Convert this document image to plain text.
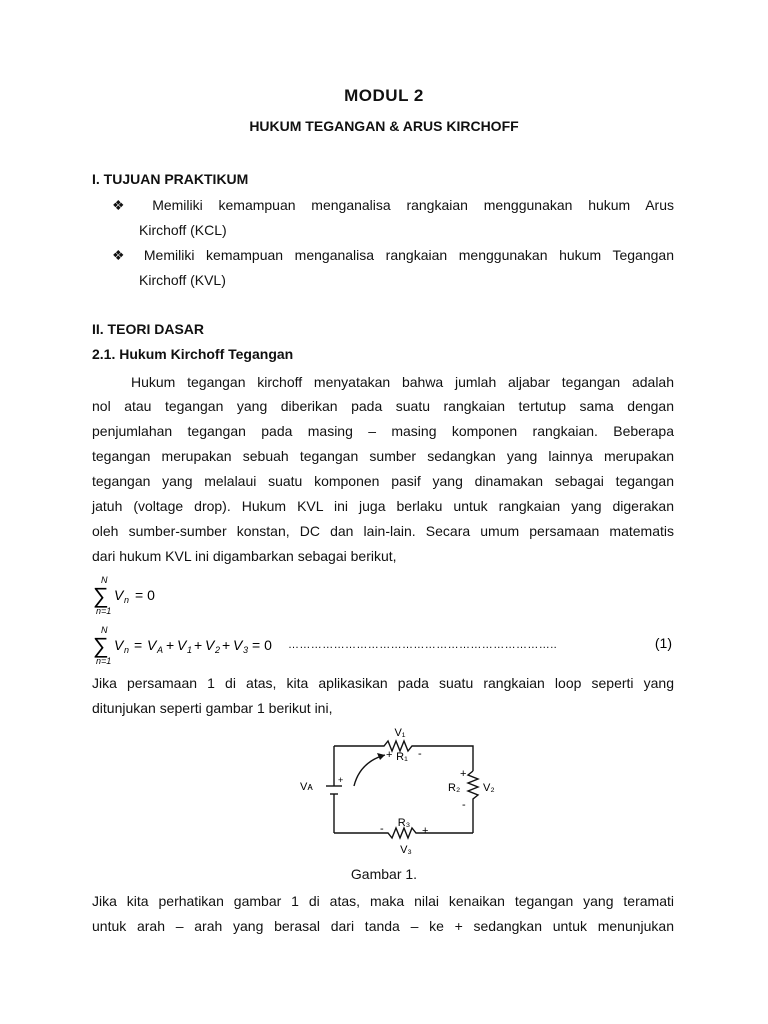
MODUL 2
HUKUM TEGANGAN & ARUS KIRCHOFF
I. TUJUAN PRAKTIKUM
❖ Memiliki kemampuan menganalisa rangkaian menggunakan hukum Arus
Kirchoff (KCL)
❖ Memiliki kemampuan menganalisa rangkaian menggunakan hukum Tegangan
Kirchoff (KVL)
II. TEORI DASAR
2.1. Hukum Kirchoff Tegangan
Hukum tegangan kirchoff menyatakan bahwa jumlah aljabar tegangan adalah
nol atau tegangan yang diberikan pada suatu rangkaian tertutup sama dengan
penjumlahan tegangan pada masing – masing komponen rangkaian. Beberapa
tegangan merupakan sebuah tegangan sumber sedangkan yang lainnya merupakan
tegangan yang melalaui suatu komponen pasif yang dinamakan sebagai tegangan
jatuh (voltage drop). Hukum KVL ini juga berlaku untuk rangkaian yang digerakan
oleh sumber-sumber konstan, DC dan lain-lain. Secara umum persamaan matematis
dari hukum KVL ini digambarkan sebagai berikut,
N
∑
n=1
V n = 0
N
∑
n=1
V n = V A + V 1 + V 2 + V 3 = 0 ……………………………………………………………..	(1)
Jika persamaan 1 di atas, kita aplikasikan pada suatu rangkaian loop seperti yang
ditunjukan seperti gambar 1 berikut ini,
V₁
+ R₁ -
Vᴀ
+	+
R₂ V₂
-
- R₃
+
V₃
Gambar 1.
Jika kita perhatikan gambar 1 di atas, maka nilai kenaikan tegangan yang teramati
untuk arah – arah yang berasal dari tanda – ke + sedangkan untuk menunjukan
